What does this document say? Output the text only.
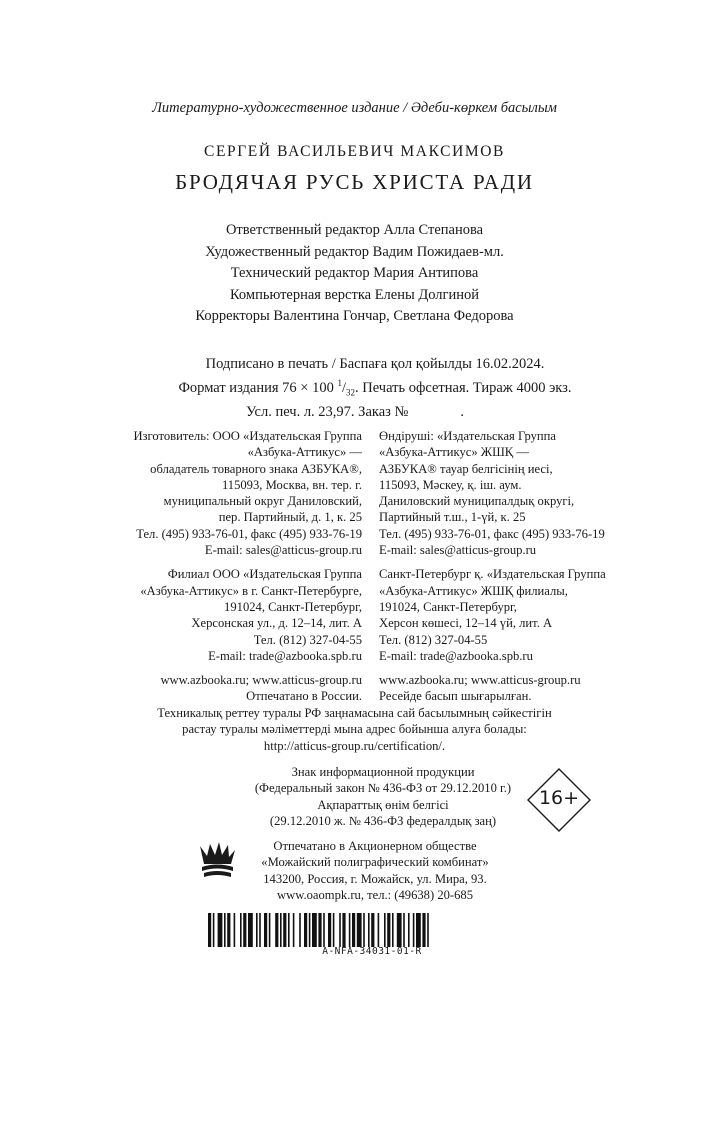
Литературно-художественное издание / Әдеби-көркем басылым
СЕРГЕЙ ВАСИЛЬЕВИЧ МАКСИМОВ
БРОДЯЧАЯ РУСЬ ХРИСТА РАДИ
Ответственный редактор Алла Степанова
Художественный редактор Вадим Пожидаев-мл.
Технический редактор Мария Антипова
Компьютерная верстка Елены Долгиной
Корректоры Валентина Гончар, Светлана Федорова
Подписано в печать / Баспаға қол қойылды 16.02.2024.
Формат издания 76 × 100 $^1/_{32}$. Печать офсетная. Тираж 4000 экз.
Усл. печ. л. 23,97. Заказ №	.
Изготовитель: ООО «Издательская Группа
«Азбука-Аттикус» —
обладатель товарного знака АЗБУКА®,
115093, Москва, вн. тер. г.
муниципальный округ Даниловский,
пер. Партийный, д. 1, к. 25
Тел. (495) 933-76-01, факс (495) 933-76-19
E-mail: sales@atticus-group.ru
Филиал ООО «Издательская Группа
«Азбука-Аттикус» в г. Санкт-Петербурге,
191024, Санкт-Петербург,
Херсонская ул., д. 12–14, лит. А
Тел. (812) 327-04-55
E-mail: trade@azbooka.spb.ru
www.azbooka.ru; www.atticus-group.ru
Отпечатано в России.
Өндіруші: «Издательская Группа
«Азбука-Аттикус» ЖШҚ —
АЗБУКА® тауар белгісінің иесі,
115093, Мәскеу, қ. іш. аум.
Даниловский муниципалдық округі,
Партийный т.ш., 1-үй, к. 25
Тел. (495) 933-76-01, факс (495) 933-76-19
E-mail: sales@atticus-group.ru
Санкт-Петербург қ. «Издательская Группа
«Азбука-Аттикус» ЖШҚ филиалы,
191024, Санкт-Петербург,
Херсон көшесі, 12–14 үй, лит. А
Тел. (812) 327-04-55
E-mail: trade@azbooka.spb.ru
www.azbooka.ru; www.atticus-group.ru
Ресейде басып шығарылған.
Техникалық реттеу туралы РФ заңнамасына сай басылымның сәйкестігін
растау туралы мәліметтерді мына адрес бойынша алуға болады:
http://atticus-group.ru/certification/.
Знак информационной продукции
(Федеральный закон № 436-ФЗ от 29.12.2010 г.)
Ақпараттық өнім белгісі
(29.12.2010 ж. № 436-ФЗ федералдық заң)
16+
Отпечатано в Акционерном обществе
«Можайский полиграфический комбинат»
143200, Россия, г. Можайск, ул. Мира, 93.
www.oaompk.ru, тел.: (49638) 20-685
A-NFA-34031-01-R
